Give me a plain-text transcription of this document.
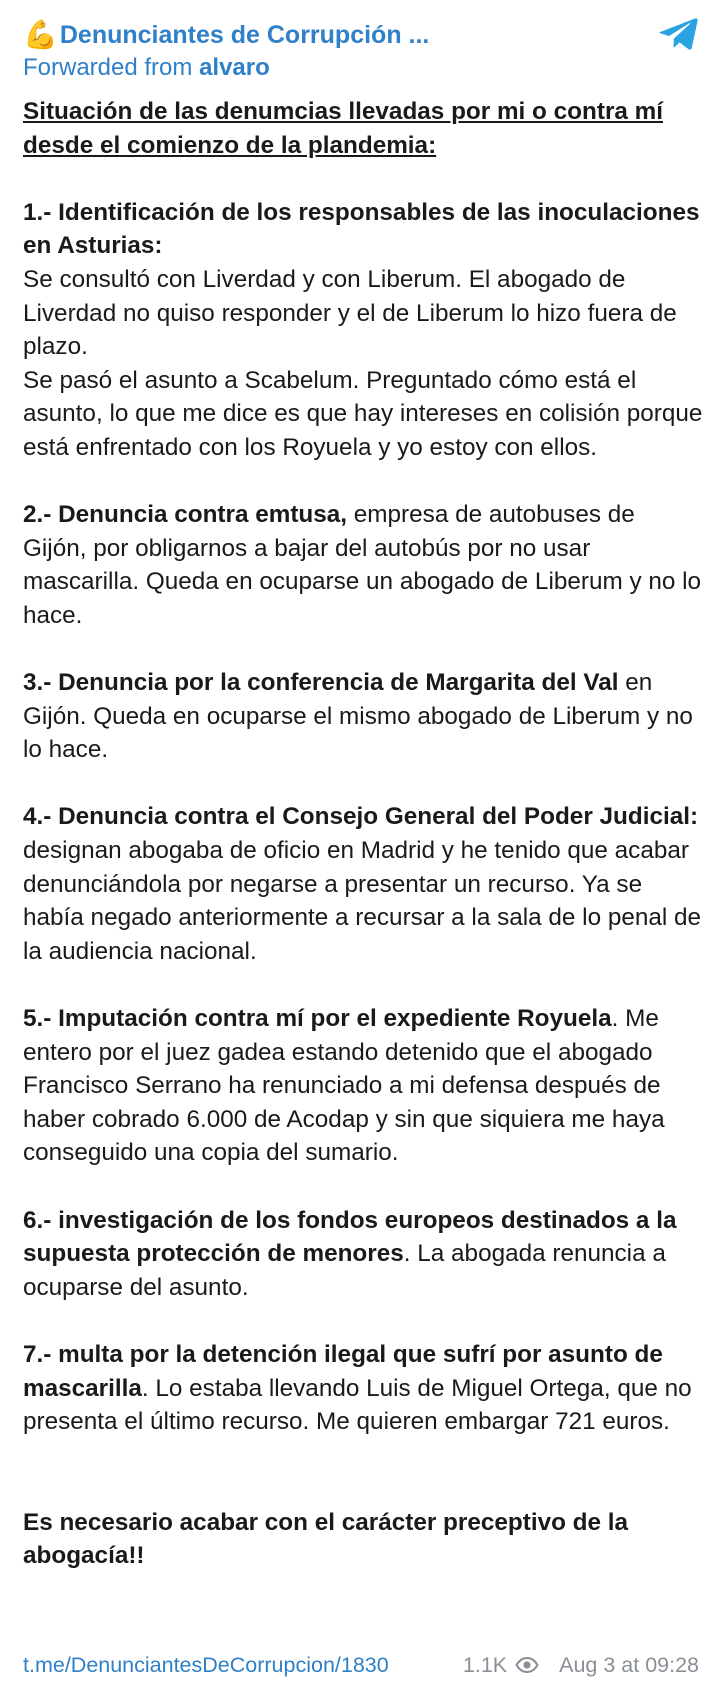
💪 Denunciantes de Corrupción ...
Forwarded from alvaro

Situación de las denumcias llevadas por mi o contra mí desde el comienzo de la plandemia:

1.- Identificación de los responsables de las inoculaciones en Asturias:

Se consultó con Liverdad y con Liberum. El abogado de Liverdad no quiso responder y el de Liberum lo hizo fuera de plazo.

Se pasó el asunto a Scabelum. Preguntado cómo está el asunto, lo que me dice es que hay intereses en colisión porque está enfrentado con los Royuela y yo estoy con ellos.

2.- Denuncia contra emtusa, empresa de autobuses de Gijón, por obligarnos a bajar del autobús por no usar mascarilla. Queda en ocuparse un abogado de Liberum y no lo hace.

3.- Denuncia por la conferencia de Margarita del Val en Gijón. Queda en ocuparse el mismo abogado de Liberum y no lo hace.

4.- Denuncia contra el Consejo General del Poder Judicial: designan abogaba de oficio en Madrid y he tenido que acabar denunciándola por negarse a presentar un recurso. Ya se había negado anteriormente a recursar a la sala de lo penal de la audiencia nacional.

5.- Imputación contra mí por el expediente Royuela. Me entero por el juez gadea estando detenido que el abogado Francisco Serrano ha renunciado a mi defensa después de haber cobrado 6.000 de Acodap y sin que siquiera me haya conseguido una copia del sumario.

6.- investigación de los fondos europeos destinados a la supuesta protección de menores. La abogada renuncia a ocuparse del asunto.

7.- multa por la detención ilegal que sufrí por asunto de mascarilla. Lo estaba llevando Luis de Miguel Ortega, que no presenta el último recurso. Me quieren embargar 721 euros.

Es necesario acabar con el carácter preceptivo de la abogacía!!

t.me/DenunciantesDeCorrupcion/1830	1.1K Aug 3 at 09:28
